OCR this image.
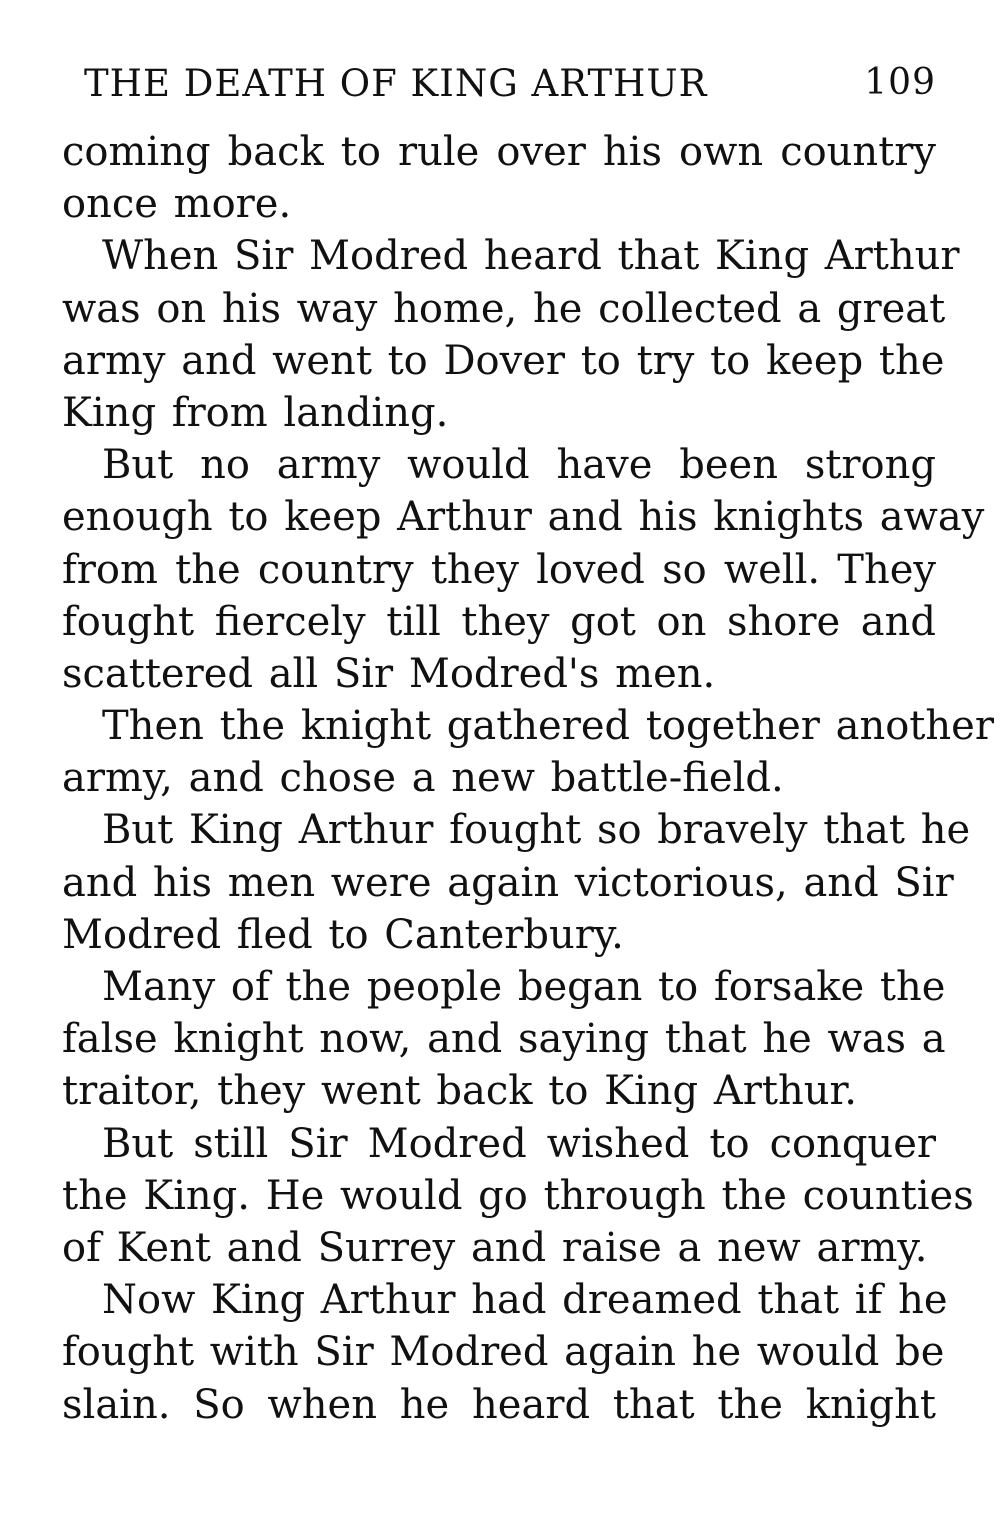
THE DEATH OF KING ARTHUR	109
coming back to rule over his own country
once more.
When Sir Modred heard that King Arthur
was on his way home, he collected a great
army and went to Dover to try to keep the
King from landing.
But no army would have been strong
enough to keep Arthur and his knights away
from the country they loved so well. They
fought fiercely till they got on shore and
scattered all Sir Modred's men.
Then the knight gathered together another
army, and chose a new battle-field.
But King Arthur fought so bravely that he
and his men were again victorious, and Sir
Modred fled to Canterbury.
Many of the people began to forsake the
false knight now, and saying that he was a
traitor, they went back to King Arthur.
But still Sir Modred wished to conquer
the King. He would go through the counties
of Kent and Surrey and raise a new army.
Now King Arthur had dreamed that if he
fought with Sir Modred again he would be
slain. So when he heard that the knight
